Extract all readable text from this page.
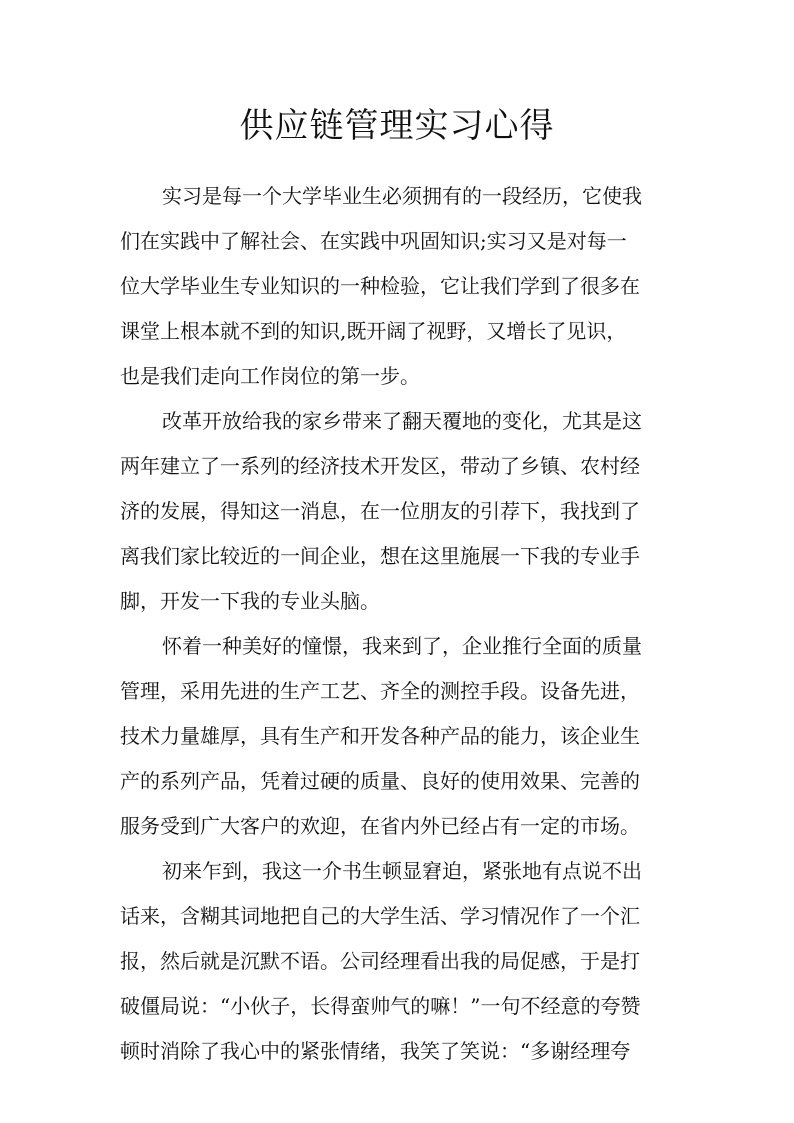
供应链管理实习心得

实习是每一个大学毕业生必须拥有的一段经历，它使我
们在实践中了解社会、在实践中巩固知识;实习又是对每一
位大学毕业生专业知识的一种检验，它让我们学到了很多在
课堂上根本就不到的知识,既开阔了视野，又增长了见识，
也是我们走向工作岗位的第一步。

改革开放给我的家乡带来了翻天覆地的变化，尤其是这
两年建立了一系列的经济技术开发区，带动了乡镇、农村经
济的发展，得知这一消息，在一位朋友的引荐下，我找到了
离我们家比较近的一间企业，想在这里施展一下我的专业手
脚，开发一下我的专业头脑。

怀着一种美好的憧憬，我来到了，企业推行全面的质量
管理，采用先进的生产工艺、齐全的测控手段。设备先进，
技术力量雄厚，具有生产和开发各种产品的能力，该企业生
产的系列产品，凭着过硬的质量、良好的使用效果、完善的
服务受到广大客户的欢迎，在省内外已经占有一定的市场。

初来乍到，我这一介书生顿显窘迫，紧张地有点说不出
话来，含糊其词地把自己的大学生活、学习情况作了一个汇
报，然后就是沉默不语。公司经理看出我的局促感，于是打
破僵局说：“小伙子，长得蛮帅气的嘛！”一句不经意的夸赞
顿时消除了我心中的紧张情绪，我笑了笑说：“多谢经理夸
